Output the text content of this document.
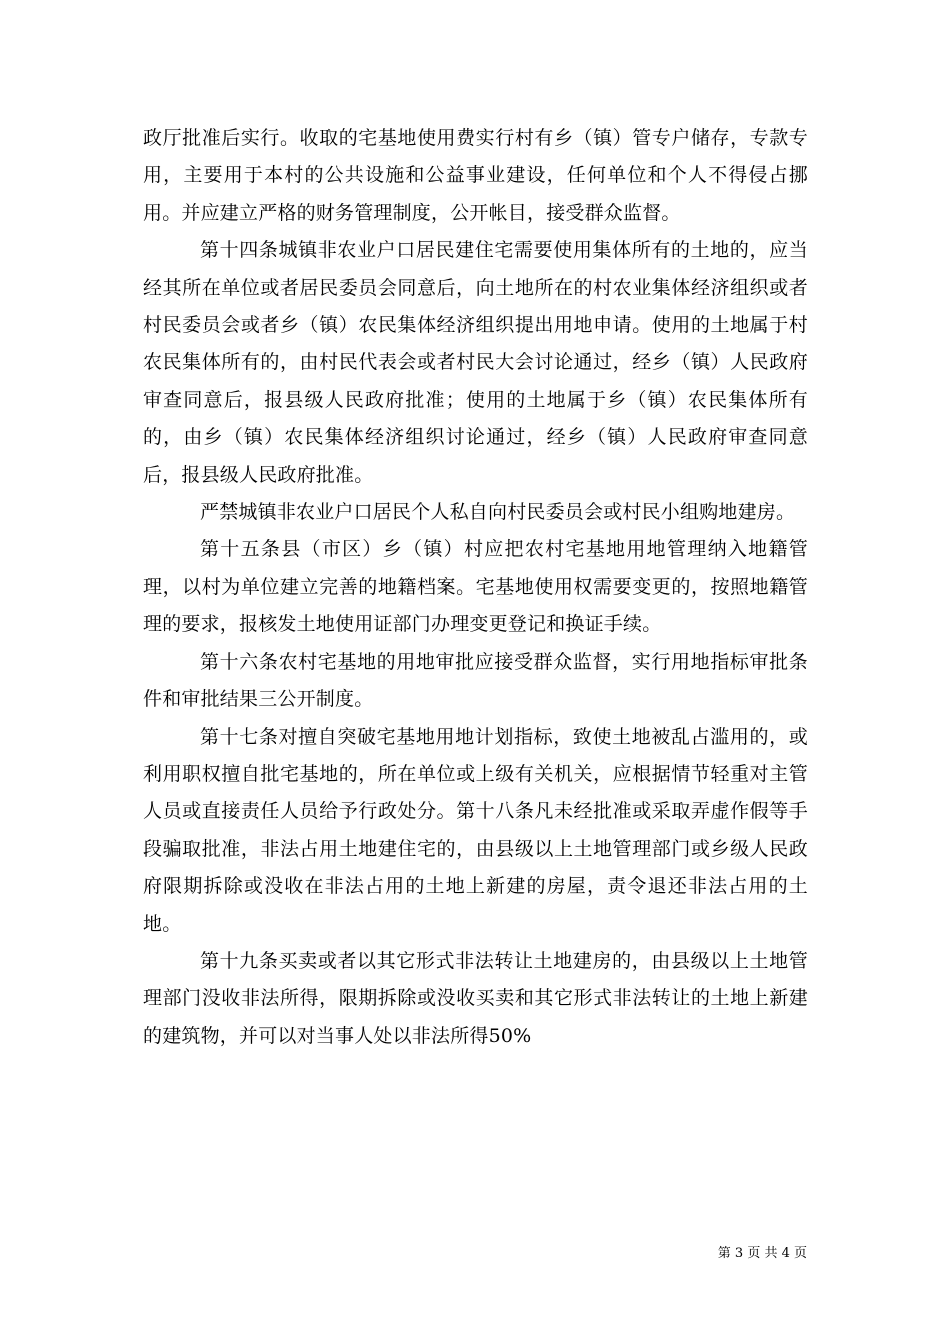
政厅批准后实行。收取的宅基地使用费实行村有乡（镇）管专户储存，专款专用，主要用于本村的公共设施和公益事业建设，任何单位和个人不得侵占挪用。并应建立严格的财务管理制度，公开帐目，接受群众监督。

第十四条城镇非农业户口居民建住宅需要使用集体所有的土地的，应当经其所在单位或者居民委员会同意后，向土地所在的村农业集体经济组织或者村民委员会或者乡（镇）农民集体经济组织提出用地申请。使用的土地属于村农民集体所有的，由村民代表会或者村民大会讨论通过，经乡（镇）人民政府审查同意后，报县级人民政府批准；使用的土地属于乡（镇）农民集体所有的，由乡（镇）农民集体经济组织讨论通过，经乡（镇）人民政府审查同意后，报县级人民政府批准。

严禁城镇非农业户口居民个人私自向村民委员会或村民小组购地建房。

第十五条县（市区）乡（镇）村应把农村宅基地用地管理纳入地籍管理，以村为单位建立完善的地籍档案。宅基地使用权需要变更的，按照地籍管理的要求，报核发土地使用证部门办理变更登记和换证手续。

第十六条农村宅基地的用地审批应接受群众监督，实行用地指标审批条件和审批结果三公开制度。

第十七条对擅自突破宅基地用地计划指标，致使土地被乱占滥用的，或利用职权擅自批宅基地的，所在单位或上级有关机关，应根据情节轻重对主管人员或直接责任人员给予行政处分。第十八条凡未经批准或采取弄虚作假等手段骗取批准，非法占用土地建住宅的，由县级以上土地管理部门或乡级人民政府限期拆除或没收在非法占用的土地上新建的房屋，责令退还非法占用的土地。

第十九条买卖或者以其它形式非法转让土地建房的，由县级以上土地管理部门没收非法所得，限期拆除或没收买卖和其它形式非法转让的土地上新建的建筑物，并可以对当事人处以非法所得50%

第 3 页 共 4 页
